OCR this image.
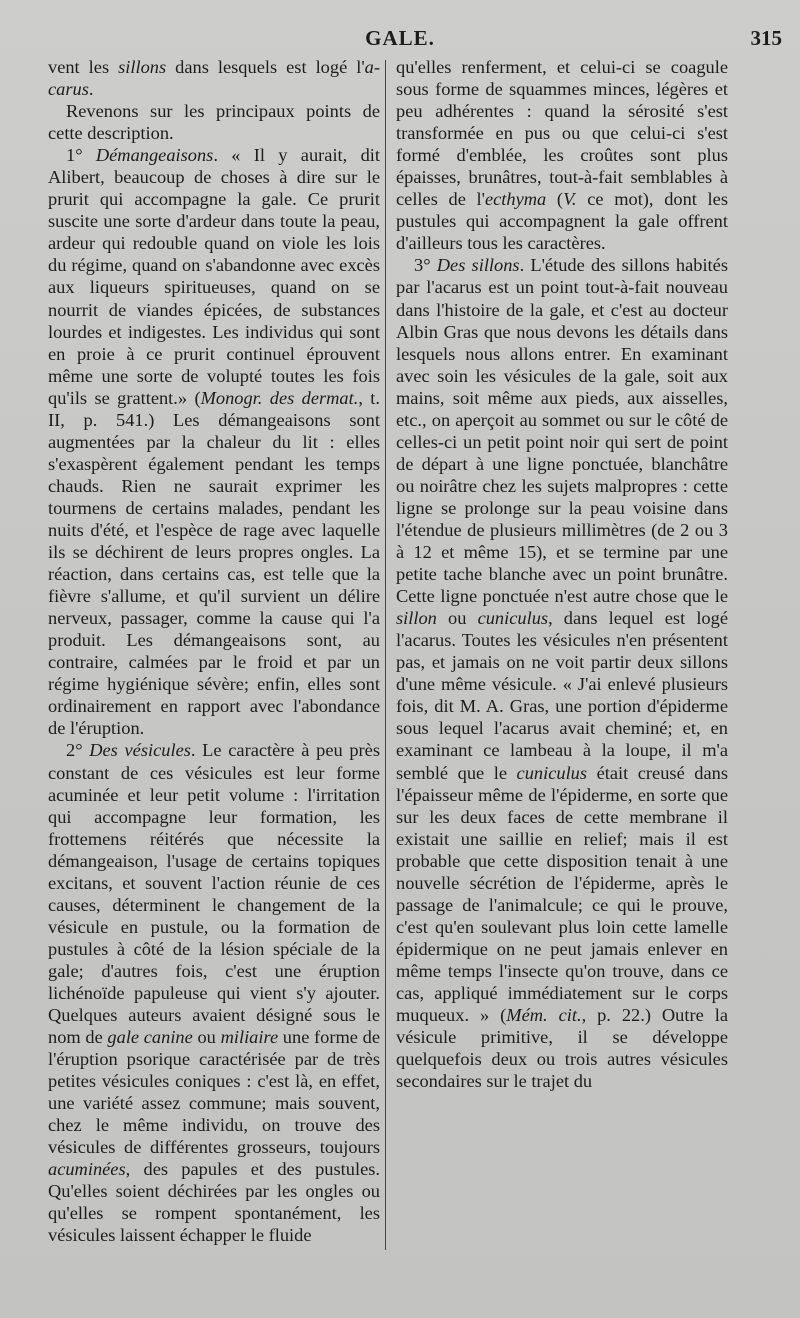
GALE.	315

vent les sillons dans lesquels est logé l'a-carus.

Revenons sur les principaux points de cette description.

1° Démangeaisons. « Il y aurait, dit Alibert, beaucoup de choses à dire sur le prurit qui accompagne la gale. Ce prurit suscite une sorte d'ardeur dans toute la peau, ardeur qui redouble quand on viole les lois du régime, quand on s'abandonne avec excès aux liqueurs spiritueuses, quand on se nourrit de viandes épicées, de substances lourdes et indigestes. Les individus qui sont en proie à ce prurit continuel éprouvent même une sorte de volupté toutes les fois qu'ils se grattent.» (Monogr. des dermat., t. II, p. 541.) Les démangeaisons sont augmentées par la chaleur du lit : elles s'exaspèrent également pendant les temps chauds. Rien ne saurait exprimer les tourmens de certains malades, pendant les nuits d'été, et l'espèce de rage avec laquelle ils se déchirent de leurs propres ongles. La réaction, dans certains cas, est telle que la fièvre s'allume, et qu'il survient un délire nerveux, passager, comme la cause qui l'a produit. Les démangeaisons sont, au contraire, calmées par le froid et par un régime hygiénique sévère; enfin, elles sont ordinairement en rapport avec l'abondance de l'éruption.

2° Des vésicules. Le caractère à peu près constant de ces vésicules est leur forme acuminée et leur petit volume : l'irritation qui accompagne leur formation, les frottemens réitérés que nécessite la démangeaison, l'usage de certains topiques excitans, et souvent l'action réunie de ces causes, déterminent le changement de la vésicule en pustule, ou la formation de pustules à côté de la lésion spéciale de la gale; d'autres fois, c'est une éruption lichénoïde papuleuse qui vient s'y ajouter. Quelques auteurs avaient désigné sous le nom de gale canine ou miliaire une forme de l'éruption psorique caractérisée par de très petites vésicules coniques : c'est là, en effet, une variété assez commune; mais souvent, chez le même individu, on trouve des vésicules de différentes grosseurs, toujours acuminées, des papules et des pustules. Qu'elles soient déchirées par les ongles ou qu'elles se rompent spontanément, les vésicules laissent échapper le fluide

qu'elles renferment, et celui-ci se coagule sous forme de squammes minces, légères et peu adhérentes : quand la sérosité s'est transformée en pus ou que celui-ci s'est formé d'emblée, les croûtes sont plus épaisses, brunâtres, tout-à-fait semblables à celles de l'ecthyma (V. ce mot), dont les pustules qui accompagnent la gale offrent d'ailleurs tous les caractères.

3° Des sillons. L'étude des sillons habités par l'acarus est un point tout-à-fait nouveau dans l'histoire de la gale, et c'est au docteur Albin Gras que nous devons les détails dans lesquels nous allons entrer. En examinant avec soin les vésicules de la gale, soit aux mains, soit même aux pieds, aux aisselles, etc., on aperçoit au sommet ou sur le côté de celles-ci un petit point noir qui sert de point de départ à une ligne ponctuée, blanchâtre ou noirâtre chez les sujets malpropres : cette ligne se prolonge sur la peau voisine dans l'étendue de plusieurs millimètres (de 2 ou 3 à 12 et même 15), et se termine par une petite tache blanche avec un point brunâtre. Cette ligne ponctuée n'est autre chose que le sillon ou cuniculus, dans lequel est logé l'acarus. Toutes les vésicules n'en présentent pas, et jamais on ne voit partir deux sillons d'une même vésicule. « J'ai enlevé plusieurs fois, dit M. A. Gras, une portion d'épiderme sous lequel l'acarus avait cheminé; et, en examinant ce lambeau à la loupe, il m'a semblé que le cuniculus était creusé dans l'épaisseur même de l'épiderme, en sorte que sur les deux faces de cette membrane il existait une saillie en relief; mais il est probable que cette disposition tenait à une nouvelle sécrétion de l'épiderme, après le passage de l'animalcule; ce qui le prouve, c'est qu'en soulevant plus loin cette lamelle épidermique on ne peut jamais enlever en même temps l'insecte qu'on trouve, dans ce cas, appliqué immédiatement sur le corps muqueux. » (Mém. cit., p. 22.) Outre la vésicule primitive, il se développe quelquefois deux ou trois autres vésicules secondaires sur le trajet du
